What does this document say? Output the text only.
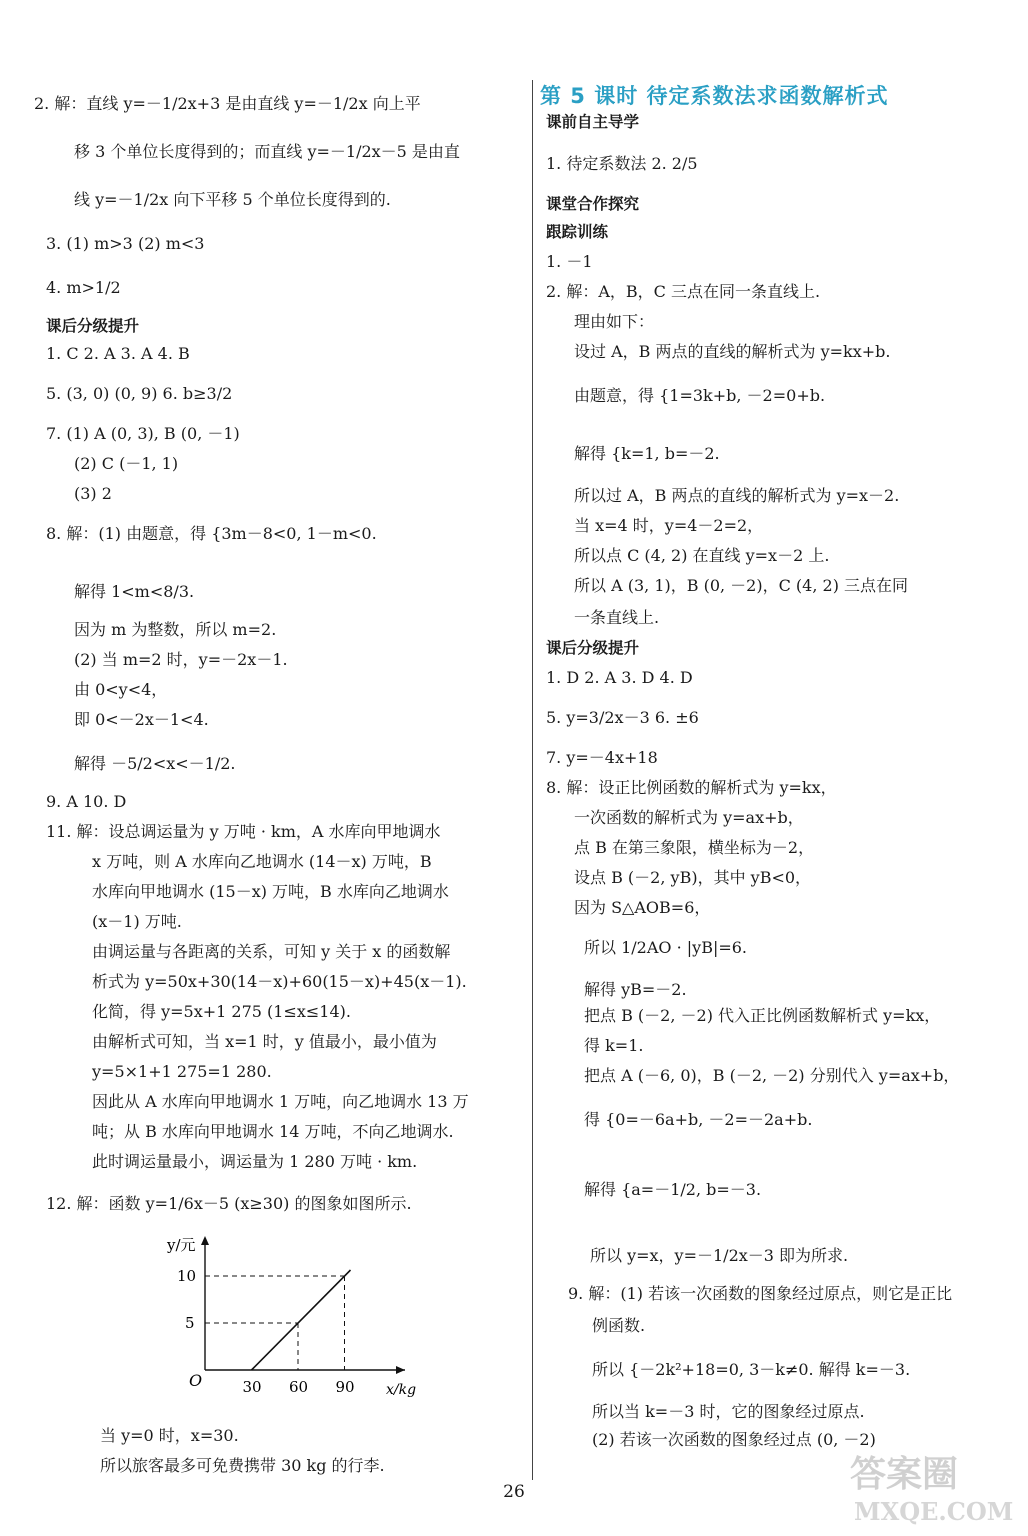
2. 解：直线 y=－1/2x+3 是由直线 y=－1/2x 向上平
移 3 个单位长度得到的；而直线 y=－1/2x－5 是由直
线 y=－1/2x 向下平移 5 个单位长度得到的.
3. (1) m>3 (2) m<3
4. m>1/2
课后分级提升
1. C 2. A 3. A 4. B
5. (3, 0) (0, 9) 6. b≥3/2
7. (1) A (0, 3), B (0, －1)
(2) C (－1, 1)
(3) 2
8. 解：(1) 由题意，得 {3m－8<0, 1－m<0.
解得 1<m<8/3.
因为 m 为整数，所以 m=2.
(2) 当 m=2 时，y=－2x－1.
由 0<y<4，
即 0<－2x－1<4.
解得 －5/2<x<－1/2.
9. A 10. D
11. 解：设总调运量为 y 万吨 · km，A 水库向甲地调水
x 万吨，则 A 水库向乙地调水 (14－x) 万吨，B
水库向甲地调水 (15－x) 万吨，B 水库向乙地调水
(x－1) 万吨.
由调运量与各距离的关系，可知 y 关于 x 的函数解
析式为 y=50x+30(14－x)+60(15－x)+45(x－1).
化简，得 y=5x+1 275 (1≤x≤14).
由解析式可知，当 x=1 时，y 值最小，最小值为
y=5×1+1 275=1 280.
因此从 A 水库向甲地调水 1 万吨，向乙地调水 13 万
吨；从 B 水库向甲地调水 14 万吨，不向乙地调水.
此时调运量最小，调运量为 1 280 万吨 · km.
12. 解：函数 y=1/6x－5 (x≥30) 的图象如图所示.
当 y=0 时，x=30.
所以旅客最多可免费携带 30 kg 的行李.
第 5 课时 待定系数法求函数解析式
课前自主导学
1. 待定系数法 2. 2/5
课堂合作探究
跟踪训练
1. －1
2. 解：A，B，C 三点在同一条直线上.
理由如下：
设过 A，B 两点的直线的解析式为 y=kx+b.
由题意，得 {1=3k+b, －2=0+b.
解得 {k=1, b=－2.
所以过 A，B 两点的直线的解析式为 y=x－2.
当 x=4 时，y=4－2=2，
所以点 C (4, 2) 在直线 y=x－2 上.
所以 A (3, 1)，B (0, －2)，C (4, 2) 三点在同
一条直线上.
课后分级提升
1. D 2. A 3. D 4. D
5. y=3/2x－3 6. ±6
7. y=－4x+18
8. 解：设正比例函数的解析式为 y=kx，
一次函数的解析式为 y=ax+b，
点 B 在第三象限，横坐标为－2，
设点 B (－2, yB)，其中 yB<0，
因为 S△AOB=6，
所以 1/2AO · |yB|=6.
解得 yB=－2.
把点 B (－2, －2) 代入正比例函数解析式 y=kx，
得 k=1.
把点 A (－6, 0)，B (－2, －2) 分别代入 y=ax+b，
得 {0=－6a+b, －2=－2a+b.
解得 {a=－1/2, b=－3.
所以 y=x，y=－1/2x－3 即为所求.
9. 解：(1) 若该一次函数的图象经过原点，则它是正比
例函数.
所以 {－2k²+18=0, 3－k≠0. 解得 k=－3.
所以当 k=－3 时，它的图象经过原点.
(2) 若该一次函数的图象经过点 (0, －2)
y/元
x/kg
O	30 60 90
5
10
26	答案圈
MXQE.COM
